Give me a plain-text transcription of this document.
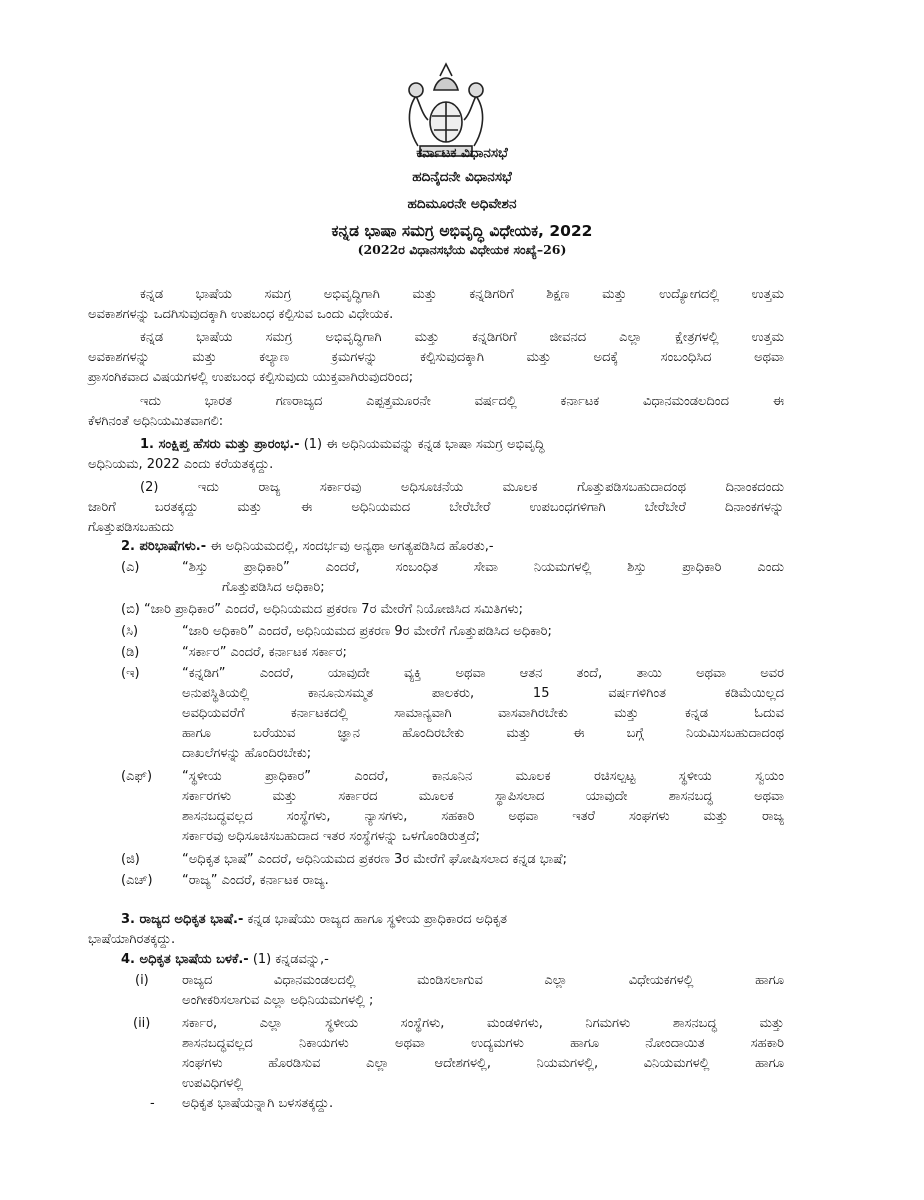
ಕರ್ನಾಟಕ ವಿಧಾನಸಭೆ
ಹದಿನೈದನೇ ವಿಧಾನಸಭೆ
ಹದಿಮೂರನೇ ಅಧಿವೇಶನ
ಕನ್ನಡ ಭಾಷಾ ಸಮಗ್ರ ಅಭಿವೃದ್ಧಿ ವಿಧೇಯಕ, 2022
(2022ರ ವಿಧಾನಸಭೆಯ ವಿಧೇಯಕ ಸಂಖ್ಯೆ–26)
ಕನ್ನಡ ಭಾಷೆಯ ಸಮಗ್ರ ಅಭಿವೃದ್ಧಿಗಾಗಿ ಮತ್ತು ಕನ್ನಡಿಗರಿಗೆ ಶಿಕ್ಷಣ ಮತ್ತು ಉದ್ಯೋಗದಲ್ಲಿ ಉತ್ತಮ
ಅವಕಾಶಗಳನ್ನು ಒದಗಿಸುವುದಕ್ಕಾಗಿ ಉಪಬಂಧ ಕಲ್ಪಿಸುವ ಒಂದು ವಿಧೇಯಕ.
ಕನ್ನಡ ಭಾಷೆಯ ಸಮಗ್ರ ಅಭಿವೃದ್ಧಿಗಾಗಿ ಮತ್ತು ಕನ್ನಡಿಗರಿಗೆ ಜೀವನದ ಎಲ್ಲಾ ಕ್ಷೇತ್ರಗಳಲ್ಲಿ ಉತ್ತಮ
ಅವಕಾಶಗಳನ್ನು ಮತ್ತು ಕಲ್ಯಾಣ ಕ್ರಮಗಳನ್ನು ಕಲ್ಪಿಸುವುದಕ್ಕಾಗಿ ಮತ್ತು ಅದಕ್ಕೆ ಸಂಬಂಧಿಸಿದ ಅಥವಾ
ಪ್ರಾಸಂಗಿಕವಾದ ವಿಷಯಗಳಲ್ಲಿ ಉಪಬಂಧ ಕಲ್ಪಿಸುವುದು ಯುಕ್ತವಾಗಿರುವುದರಿಂದ;
ಇದು ಭಾರತ ಗಣರಾಜ್ಯದ ಎಪ್ಪತ್ತಮೂರನೇ ವರ್ಷದಲ್ಲಿ ಕರ್ನಾಟಕ ವಿಧಾನಮಂಡಲದಿಂದ ಈ
ಕೆಳಗಿನಂತೆ ಅಧಿನಿಯಮಿತವಾಗಲಿ:
1. ಸಂಕ್ಷಿಪ್ತ ಹೆಸರು ಮತ್ತು ಪ್ರಾರಂಭ.- (1) ಈ ಅಧಿನಿಯಮವನ್ನು ಕನ್ನಡ ಭಾಷಾ ಸಮಗ್ರ ಅಭಿವೃದ್ಧಿ
ಅಧಿನಿಯಮ, 2022 ಎಂದು ಕರೆಯತಕ್ಕದ್ದು.
(2) ಇದು ರಾಜ್ಯ ಸರ್ಕಾರವು ಅಧಿಸೂಚನೆಯ ಮೂಲಕ ಗೊತ್ತುಪಡಿಸಬಹುದಾದಂಥ ದಿನಾಂಕದಂದು
ಜಾರಿಗೆ ಬರತಕ್ಕದ್ದು ಮತ್ತು ಈ ಅಧಿನಿಯಮದ ಬೇರೆಬೇರೆ ಉಪಬಂಧಗಳಿಗಾಗಿ ಬೇರೆಬೇರೆ ದಿನಾಂಕಗಳನ್ನು
ಗೊತ್ತುಪಡಿಸಬಹುದು
2. ಪರಿಭಾಷೆಗಳು.- ಈ ಅಧಿನಿಯಮದಲ್ಲಿ, ಸಂದರ್ಭವು ಅನ್ಯಥಾ ಅಗತ್ಯಪಡಿಸಿದ ಹೊರತು,-
(ಎ)	“ಶಿಸ್ತು ಪ್ರಾಧಿಕಾರಿ” ಎಂದರೆ, ಸಂಬಂಧಿತ ಸೇವಾ ನಿಯಮಗಳಲ್ಲಿ ಶಿಸ್ತು ಪ್ರಾಧಿಕಾರಿ ಎಂದು
ಗೊತ್ತುಪಡಿಸಿದ ಅಧಿಕಾರಿ;
(ಬಿ) “ಜಾರಿ ಪ್ರಾಧಿಕಾರ” ಎಂದರೆ, ಅಧಿನಿಯಮದ ಪ್ರಕರಣ 7ರ ಮೇರೆಗೆ ನಿಯೋಜಿಸಿದ ಸಮಿತಿಗಳು;
(ಸಿ)	“ಜಾರಿ ಅಧಿಕಾರಿ” ಎಂದರೆ, ಅಧಿನಿಯಮದ ಪ್ರಕರಣ 9ರ ಮೇರೆಗೆ ಗೊತ್ತುಪಡಿಸಿದ ಅಧಿಕಾರಿ;
(ಡಿ)	“ಸರ್ಕಾರ” ಎಂದರೆ, ಕರ್ನಾಟಕ ಸರ್ಕಾರ;
(ಇ)	“ಕನ್ನಡಿಗ” ಎಂದರೆ, ಯಾವುದೇ ವ್ಯಕ್ತಿ ಅಥವಾ ಆತನ ತಂದೆ, ತಾಯಿ ಅಥವಾ ಅವರ
ಅನುಪಸ್ಥಿತಿಯಲ್ಲಿ ಕಾನೂನುಸಮ್ಮತ ಪಾಲಕರು, 15 ವರ್ಷಗಳಿಗಿಂತ ಕಡಿಮೆಯಿಲ್ಲದ
ಅವಧಿಯವರೆಗೆ ಕರ್ನಾಟಕದಲ್ಲಿ ಸಾಮಾನ್ಯವಾಗಿ ವಾಸವಾಗಿರಬೇಕು ಮತ್ತು ಕನ್ನಡ ಓದುವ
ಹಾಗೂ ಬರೆಯುವ ಜ್ಞಾನ ಹೊಂದಿರಬೇಕು ಮತ್ತು ಈ ಬಗ್ಗೆ ನಿಯಮಿಸಬಹುದಾದಂಥ
ದಾಖಲೆಗಳನ್ನು ಹೊಂದಿರಬೇಕು;
(ಎಫ್) “ಸ್ಥಳೀಯ ಪ್ರಾಧಿಕಾರ” ಎಂದರೆ, ಕಾನೂನಿನ ಮೂಲಕ ರಚಿಸಲ್ಪಟ್ಟ ಸ್ಥಳೀಯ ಸ್ವಯಂ
ಸರ್ಕಾರಗಳು ಮತ್ತು ಸರ್ಕಾರದ ಮೂಲಕ ಸ್ಥಾಪಿಸಲಾದ ಯಾವುದೇ ಶಾಸನಬದ್ಧ ಅಥವಾ
ಶಾಸನಬದ್ಧವಲ್ಲದ ಸಂಸ್ಥೆಗಳು, ನ್ಯಾಸಗಳು, ಸಹಕಾರಿ ಅಥವಾ ಇತರೆ ಸಂಘಗಳು ಮತ್ತು ರಾಜ್ಯ
ಸರ್ಕಾರವು ಅಧಿಸೂಚಿಸಬಹುದಾದ ಇತರ ಸಂಸ್ಥೆಗಳನ್ನು ಒಳಗೊಂಡಿರುತ್ತದೆ;
(ಜಿ)	“ಅಧಿಕೃತ ಭಾಷೆ” ಎಂದರೆ, ಅಧಿನಿಯಮದ ಪ್ರಕರಣ 3ರ ಮೇರೆಗೆ ಘೋಷಿಸಲಾದ ಕನ್ನಡ ಭಾಷೆ;
(ಎಚ್) “ರಾಜ್ಯ” ಎಂದರೆ, ಕರ್ನಾಟಕ ರಾಜ್ಯ.
3. ರಾಜ್ಯದ ಅಧಿಕೃತ ಭಾಷೆ.- ಕನ್ನಡ ಭಾಷೆಯು ರಾಜ್ಯದ ಹಾಗೂ ಸ್ಥಳೀಯ ಪ್ರಾಧಿಕಾರದ ಅಧಿಕೃತ
ಭಾಷೆಯಾಗಿರತಕ್ಕದ್ದು.
4. ಅಧಿಕೃತ ಭಾಷೆಯ ಬಳಕೆ.- (1) ಕನ್ನಡವನ್ನು,-
(i)	ರಾಜ್ಯದ ವಿಧಾನಮಂಡಲದಲ್ಲಿ ಮಂಡಿಸಲಾಗುವ ಎಲ್ಲಾ ವಿಧೇಯಕಗಳಲ್ಲಿ ಹಾಗೂ
ಅಂಗೀಕರಿಸಲಾಗುವ ಎಲ್ಲಾ ಅಧಿನಿಯಮಗಳಲ್ಲಿ ;
(ii) ಸರ್ಕಾರ, ಎಲ್ಲಾ ಸ್ಥಳೀಯ ಸಂಸ್ಥೆಗಳು, ಮಂಡಳಿಗಳು, ನಿಗಮಗಳು ಶಾಸನಬದ್ಧ ಮತ್ತು
ಶಾಸನಬದ್ಧವಲ್ಲದ ನಿಕಾಯಗಳು ಅಥವಾ ಉದ್ಯಮಗಳು ಹಾಗೂ ನೋಂದಾಯಿತ ಸಹಕಾರಿ
ಸಂಘಗಳು ಹೊರಡಿಸುವ ಎಲ್ಲಾ ಆದೇಶಗಳಲ್ಲಿ, ನಿಯಮಗಳಲ್ಲಿ, ವಿನಿಯಮಗಳಲ್ಲಿ ಹಾಗೂ
ಉಪವಿಧಿಗಳಲ್ಲಿ
- ಅಧಿಕೃತ ಭಾಷೆಯನ್ನಾಗಿ ಬಳಸತಕ್ಕದ್ದು.
